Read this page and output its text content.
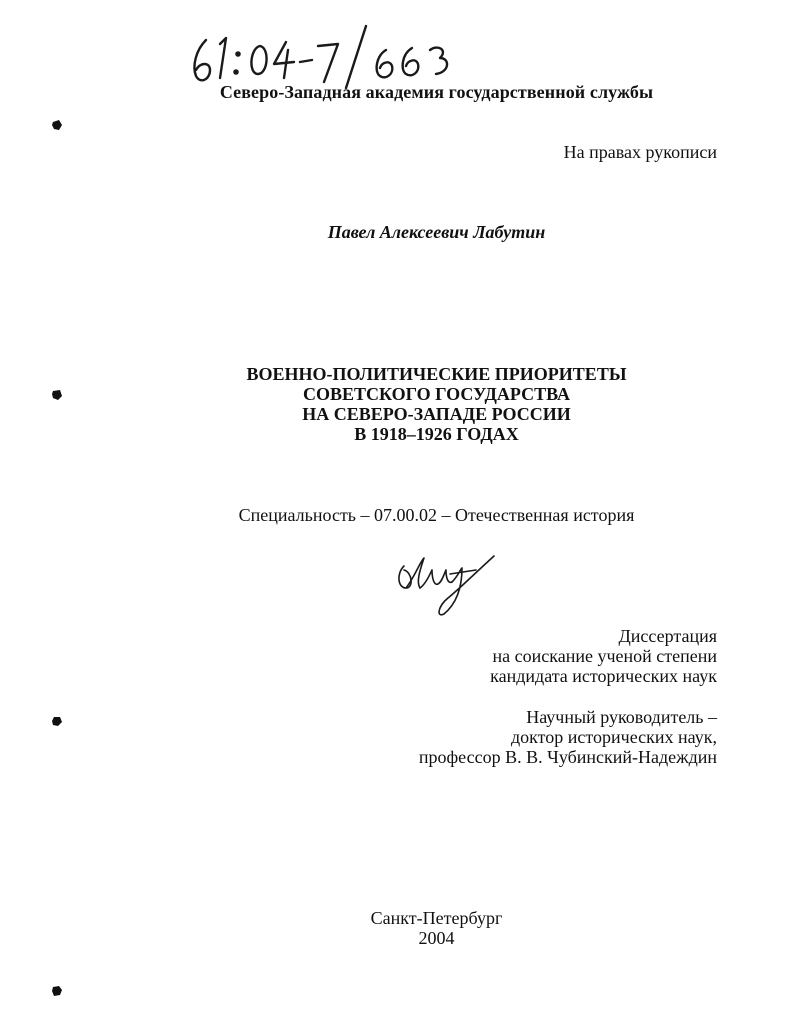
Северо-Западная академия государственной службы
На правах рукописи
Павел Алексеевич Лабутин
ВОЕННО-ПОЛИТИЧЕСКИЕ ПРИОРИТЕТЫ
СОВЕТСКОГО ГОСУДАРСТВА
НА СЕВЕРО-ЗАПАДЕ РОССИИ
В 1918–1926 ГОДАХ
Специальность – 07.00.02 – Отечественная история
Диссертация
на соискание ученой степени
кандидата исторических наук
Научный руководитель –
доктор исторических наук,
профессор В. В. Чубинский-Надеждин
Санкт-Петербург
2004
